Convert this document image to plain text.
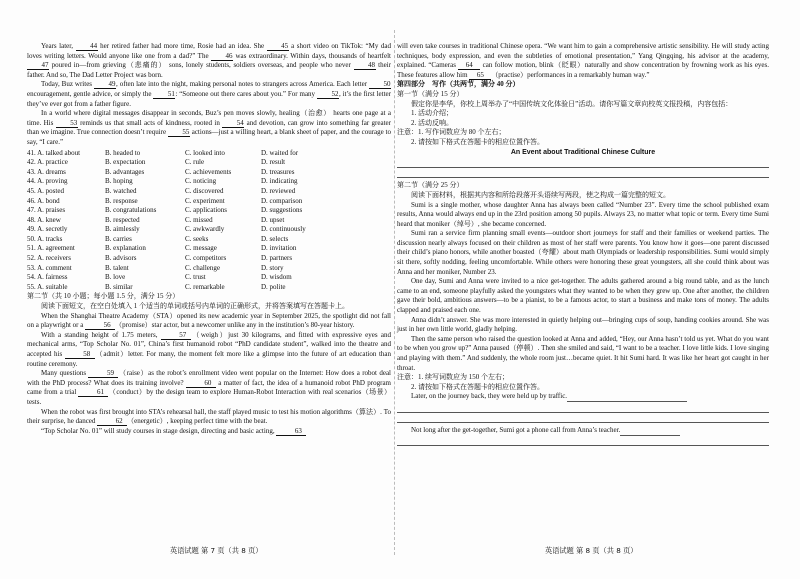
Years later, 44 her retired father had more time, Rosie had an idea. She 45 a short video on TikTok: “My dad loves writing letters. Would anyone like one from a dad?” The 46 was extraordinary. Within days, thousands of heartfelt 47 poured in—from grieving（悲痛的） sons, lonely students, soldiers overseas, and people who never 48 their father. And so, The Dad Letter Project was born.

Today, Buz writes 49, often late into the night, making personal notes to strangers across America. Each letter 50 encouragement, gentle advice, or simply the 51: “Someone out there cares about you.” For many 52, it’s the first letter they’ve ever got from a father figure.

In a world where digital messages disappear in seconds, Buz’s pen moves slowly, healing（治愈） hearts one page at a time. His 53 reminds us that small acts of kindness, rooted in 54 and devotion, can grow into something far greater than we imagine. True connection doesn’t require 55 actions—just a willing heart, a blank sheet of paper, and the courage to say, “I care.”

41. A. talked about	B. headed to	C. looked into	D. waited for
42. A. practice	B. expectation	C. rule	D. result
43. A. dreams	B. advantages	C. achievements	D. treasures
44. A. proving	B. hoping	C. noticing	D. indicating
45. A. posted	B. watched	C. discovered	D. reviewed
46. A. bond	B. response	C. experiment	D. comparison
47. A. praises	B. congratulations	C. applications	D. suggestions
48. A. knew	B. respected	C. missed	D. upset
49. A. secretly	B. aimlessly	C. awkwardly	D. continuously
50. A. tracks	B. carries	C. seeks	D. selects
51. A. agreement	B. explanation	C. message	D. invitation
52. A. receivers	B. advisors	C. competitors	D. partners
53. A. comment	B. talent	C. challenge	D. story
54. A. fairness	B. love	C. trust	D. wisdom
55. A. suitable	B. similar	C. remarkable	D. polite

第二节（共 10 小题；每小题 1.5 分，满分 15 分）

阅读下面短文，在空白处填入 1 个适当的单词或括号内单词的正确形式，并将答案填写在答题卡上。

When the Shanghai Theatre Academy（STA）opened its new academic year in September 2025, the spotlight did not fall on a playwright or a	56 （promise）star actor, but a newcomer unlike any in the institution’s 80-year history.

With a standing height of 1.75 meters,	57 （weigh）just 30 kilograms, and fitted with expressive eyes and mechanical arms, “Top Scholar No. 01”, China’s first humanoid robot “PhD candidate student”, walked into the theatre and accepted his	58 （admit）letter. For many, the moment felt more like a glimpse into the future of art education than routine ceremony.

Many questions	59 （raise）as the robot’s enrollment video went popular on the Internet: How does a robot deal with the PhD process? What does its training involve?	60 a matter of fact, the idea of a humanoid robot PhD program came from a trial	61 （conduct）by the design team to explore Human-Robot Interaction with real scenarios（场景）tests.

When the robot was first brought into STA’s rehearsal hall, the staff played music to test his motion algorithms（算法）. To their surprise, he danced	62 （energetic）, keeping perfect time with the beat.

“Top Scholar No. 01” will study courses in stage design, directing and basic acting,	63

will even take courses in traditional Chinese opera. “We want him to gain a comprehensive artistic sensibility. He will study acting techniques, body expression, and even the subtleties of emotional presentation,” Yang Qingqing, his advisor at the academy, explained. “Cameras 64 can follow motion, blink（眨眼）naturally and show concentration by frowning work as his eyes. These features allow him 65 （practise）performances in a remarkably human way.”

第四部分　写作（共两节，满分 40 分）

第一节（满分 15 分）

假定你是李华，你校上周举办了“中国传统文化体验日”活动。请你写篇文章向校英文报投稿，内容包括：

1. 活动介绍；

2. 活动反响。

注意：1. 写作词数应为 80 个左右；

2. 请按如下格式在答题卡的相应位置作答。

An Event about Traditional Chinese Culture

第二节（满分 25 分）

阅读下面材料，根据其内容和所给段落开头语续写两段，使之构成一篇完整的短文。

Sumi is a single mother, whose daughter Anna has always been called “Number 23”. Every time the school published exam results, Anna would always end up in the 23rd position among 50 pupils. Always 23, no matter what topic or term. Every time Sumi heard that moniker（绰号）, she became concerned.

Sumi ran a service firm planning small events—outdoor short journeys for staff and their families or weekend parties. The discussion nearly always focused on their children as most of her staff were parents. You know how it goes—one parent discussed their child’s piano honors, while another boasted（夸耀）about math Olympiads or leadership responsibilities. Sumi would simply sit there, softly nodding, feeling uncomfortable. While others were honoring these great youngsters, all she could think about was Anna and her moniker, Number 23.

One day, Sumi and Anna were invited to a nice get-together. The adults gathered around a big round table, and as the lunch came to an end, someone playfully asked the youngsters what they wanted to be when they grew up. One after another, the children gave their bold, ambitious answers—to be a pianist, to be a famous actor, to start a business and make tons of money. The adults clapped and praised each one.

Anna didn’t answer. She was more interested in quietly helping out—bringing cups of soup, handing cookies around. She was just in her own little world, gladly helping.

Then the same person who raised the question looked at Anna and added, “Hey, our Anna hasn’t told us yet. What do you want to be when you grow up?” Anna paused（停顿）. Then she smiled and said, “I want to be a teacher. I love little kids. I love singing and playing with them.” And suddenly, the whole room just…became quiet. It hit Sumi hard. It was like her heart got caught in her throat.

注意：1. 续写词数应为 150 个左右；

2. 请按如下格式在答题卡的相应位置作答。

Later, on the journey back, they were held up by traffic.

Not long after the get-together, Sumi got a phone call from Anna’s teacher.

英语试题 第 7 页（共 8 页）	英语试题 第 8 页（共 8 页）
